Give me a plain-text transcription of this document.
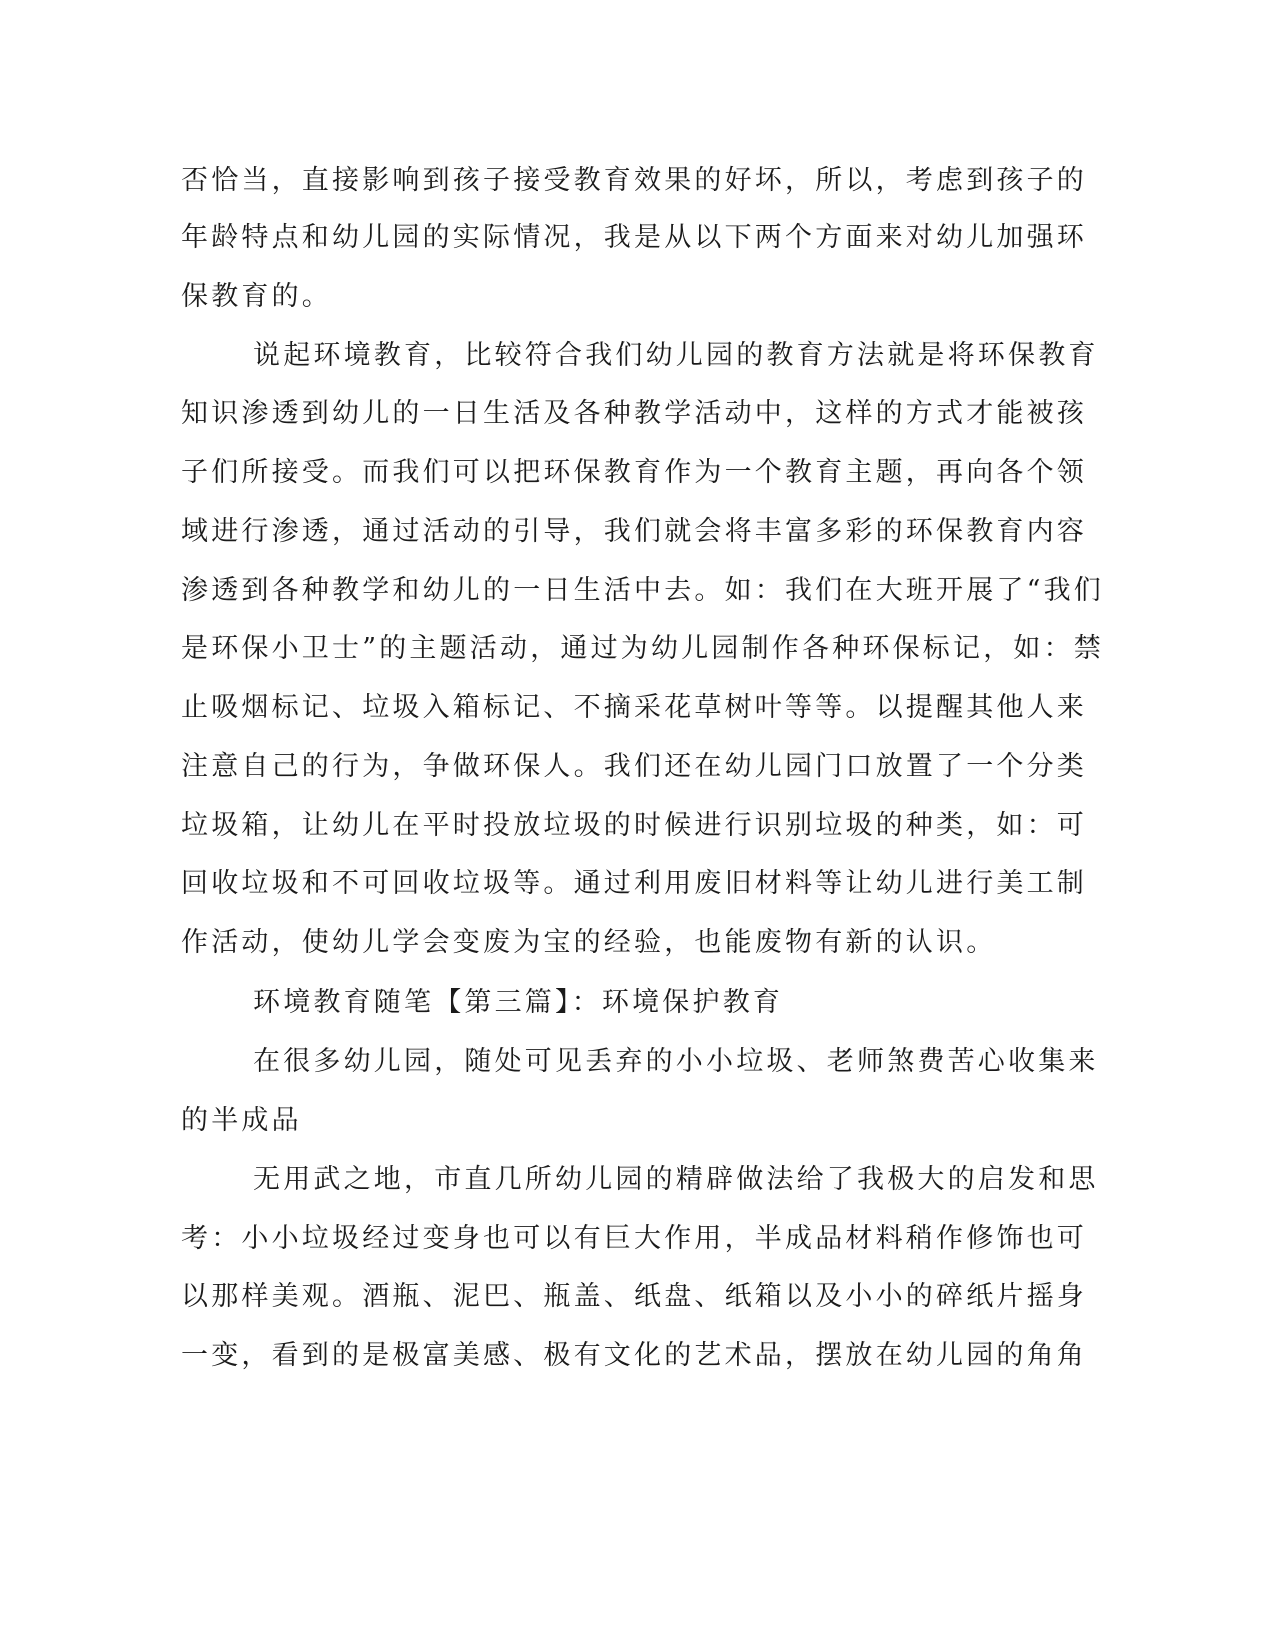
否恰当，直接影响到孩子接受教育效果的好坏，所以，考虑到孩子的
年龄特点和幼儿园的实际情况，我是从以下两个方面来对幼儿加强环
保教育的。
说起环境教育，比较符合我们幼儿园的教育方法就是将环保教育
知识渗透到幼儿的一日生活及各种教学活动中，这样的方式才能被孩
子们所接受。而我们可以把环保教育作为一个教育主题，再向各个领
域进行渗透，通过活动的引导，我们就会将丰富多彩的环保教育内容
渗透到各种教学和幼儿的一日生活中去。如：我们在大班开展了“我们
是环保小卫士”的主题活动，通过为幼儿园制作各种环保标记，如：禁
止吸烟标记、垃圾入箱标记、不摘采花草树叶等等。以提醒其他人来
注意自己的行为，争做环保人。我们还在幼儿园门口放置了一个分类
垃圾箱，让幼儿在平时投放垃圾的时候进行识别垃圾的种类，如：可
回收垃圾和不可回收垃圾等。通过利用废旧材料等让幼儿进行美工制
作活动，使幼儿学会变废为宝的经验，也能废物有新的认识。
环境教育随笔【第三篇】：环境保护教育
在很多幼儿园，随处可见丢弃的小小垃圾、老师煞费苦心收集来
的半成品
无用武之地，市直几所幼儿园的精辟做法给了我极大的启发和思
考：小小垃圾经过变身也可以有巨大作用，半成品材料稍作修饰也可
以那样美观。酒瓶、泥巴、瓶盖、纸盘、纸箱以及小小的碎纸片摇身
一变，看到的是极富美感、极有文化的艺术品，摆放在幼儿园的角角
